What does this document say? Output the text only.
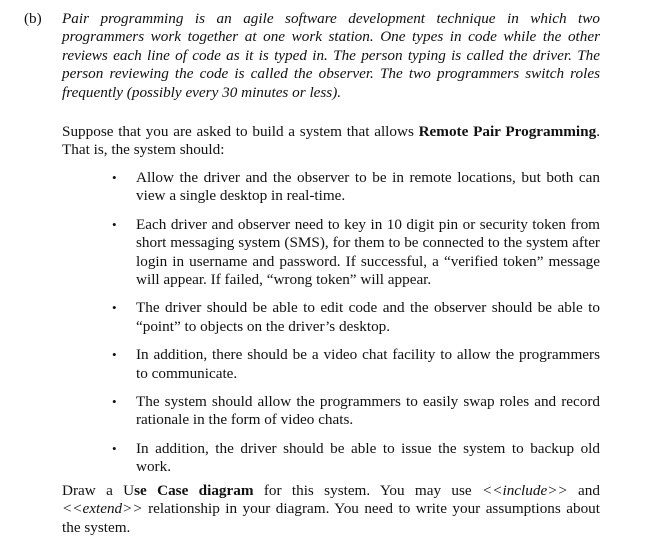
(b) Pair programming is an agile software development technique in which two programmers work together at one work station. One types in code while the other reviews each line of code as it is typed in. The person typing is called the driver. The person reviewing the code is called the observer. The two programmers switch roles frequently (possibly every 30 minutes or less).
Suppose that you are asked to build a system that allows Remote Pair Programming. That is, the system should:
• Allow the driver and the observer to be in remote locations, but both can view a single desktop in real-time.
• Each driver and observer need to key in 10 digit pin or security token from short messaging system (SMS), for them to be connected to the system after login in username and password. If successful, a “verified token” message will appear. If failed, “wrong token” will appear.
• The driver should be able to edit code and the observer should be able to “point” to objects on the driver’s desktop.
• In addition, there should be a video chat facility to allow the programmers to communicate.
• The system should allow the programmers to easily swap roles and record rationale in the form of video chats.
• In addition, the driver should be able to issue the system to backup old work.
Draw a Use Case diagram for this system. You may use <<include>> and <<extend>> relationship in your diagram. You need to write your assumptions about the system.
